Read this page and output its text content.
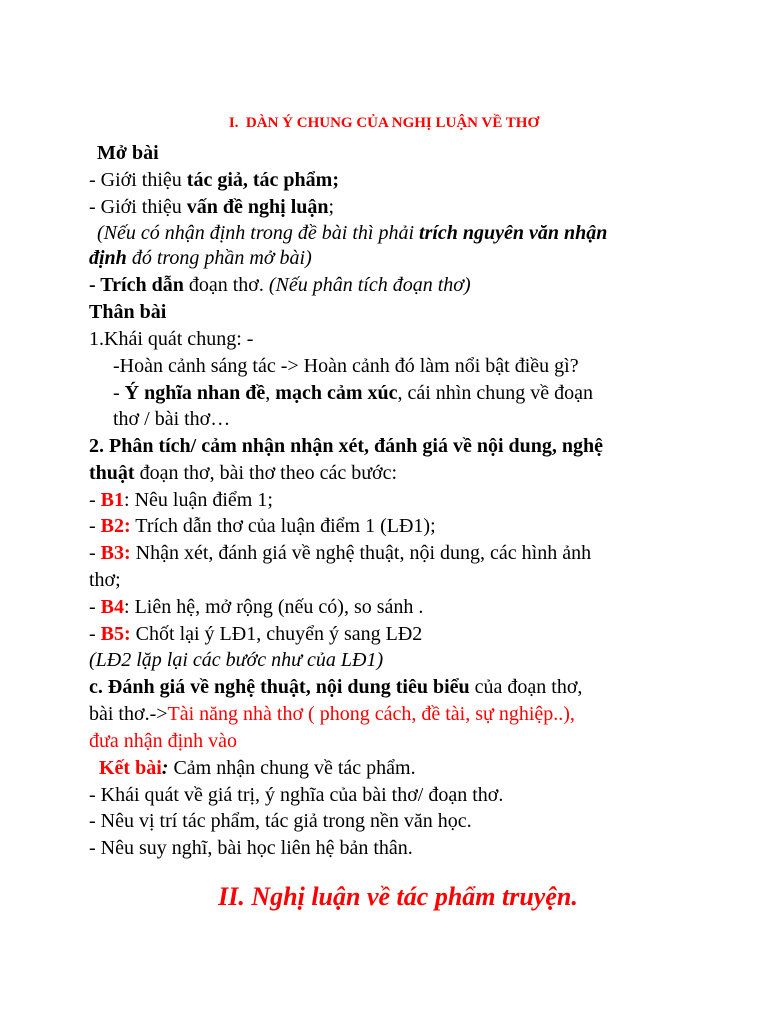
I. DÀN Ý CHUNG CỦA NGHỊ LUẬN VỀ THƠ
Mở bài
- Giới thiệu tác giả, tác phẩm;
- Giới thiệu vấn đề nghị luận;
(Nếu có nhận định trong đề bài thì phải trích nguyên văn nhận
định đó trong phần mở bài)
- Trích dẫn đoạn thơ. (Nếu phân tích đoạn thơ)
Thân bài
1.Khái quát chung: -
-Hoàn cảnh sáng tác -> Hoàn cảnh đó làm nổi bật điều gì?
- Ý nghĩa nhan đề, mạch cảm xúc, cái nhìn chung về đoạn
thơ / bài thơ…
2. Phân tích/ cảm nhận nhận xét, đánh giá về nội dung, nghệ
thuật đoạn thơ, bài thơ theo các bước:
- B1: Nêu luận điểm 1;
- B2: Trích dẫn thơ của luận điểm 1 (LĐ1);
- B3: Nhận xét, đánh giá về nghệ thuật, nội dung, các hình ảnh
thơ;
- B4: Liên hệ, mở rộng (nếu có), so sánh .
- B5: Chốt lại ý LĐ1, chuyển ý sang LĐ2
(LĐ2 lặp lại các bước như của LĐ1)
c. Đánh giá về nghệ thuật, nội dung tiêu biểu của đoạn thơ,
bài thơ.->Tài năng nhà thơ ( phong cách, đề tài, sự nghiệp..),
đưa nhận định vào
Kết bài: Cảm nhận chung về tác phẩm.
- Khái quát về giá trị, ý nghĩa của bài thơ/ đoạn thơ.
- Nêu vị trí tác phẩm, tác giả trong nền văn học.
- Nêu suy nghĩ, bài học liên hệ bản thân.
II. Nghị luận về tác phẩm truyện.
